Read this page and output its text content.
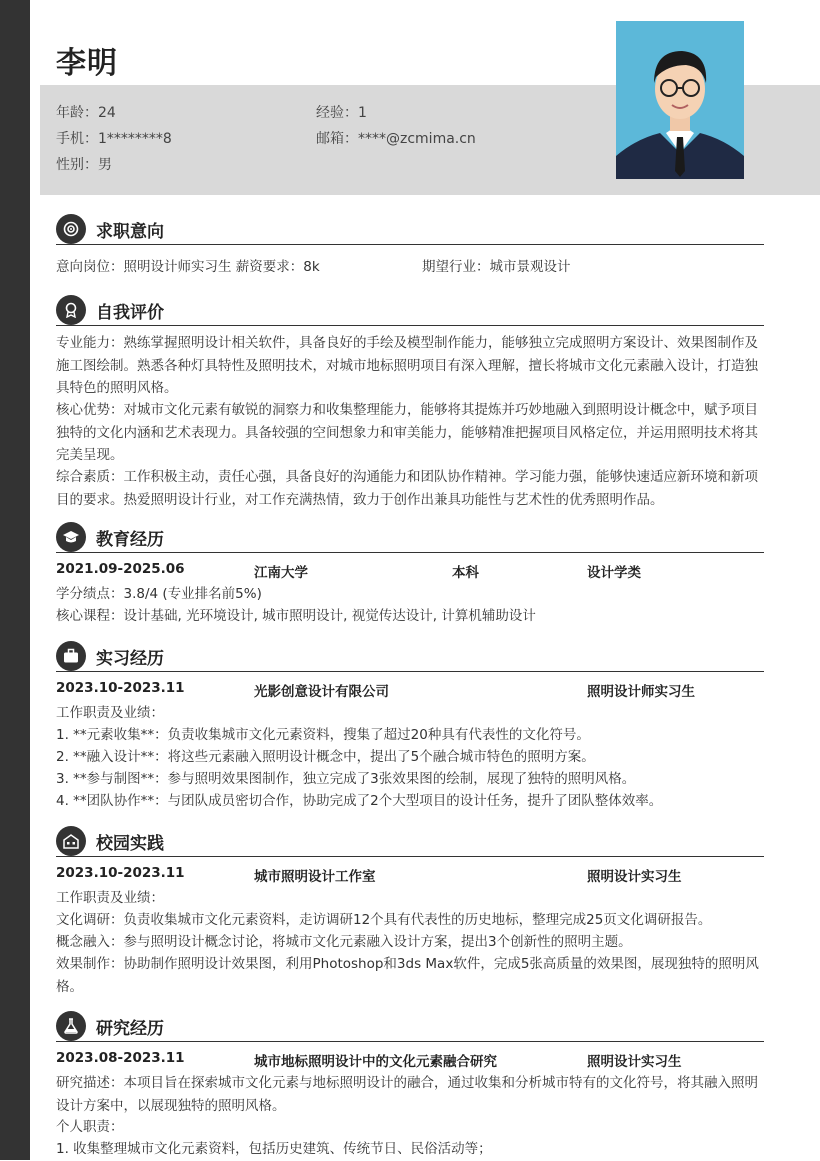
李明
年龄：24	经验：1
手机：1********8	邮箱：****@zcmima.cn
性别：男
求职意向
意向岗位：照明设计师实习生 薪资要求：8k	期望行业：城市景观设计
自我评价
专业能力：熟练掌握照明设计相关软件，具备良好的手绘及模型制作能力，能够独立完成照明方案设计、效果图制作及施工图绘制。熟悉各种灯具特性及照明技术，对城市地标照明项目有深入理解，擅长将城市文化元素融入设计，打造独具特色的照明风格。
核心优势：对城市文化元素有敏锐的洞察力和收集整理能力，能够将其提炼并巧妙地融入到照明设计概念中，赋予项目独特的文化内涵和艺术表现力。具备较强的空间想象力和审美能力，能够精准把握项目风格定位，并运用照明技术将其完美呈现。
综合素质：工作积极主动，责任心强，具备良好的沟通能力和团队协作精神。学习能力强，能够快速适应新环境和新项目的要求。热爱照明设计行业，对工作充满热情，致力于创作出兼具功能性与艺术性的优秀照明作品。
教育经历
2021.09-2025.06	江南大学	本科	设计学类
学分绩点：3.8/4 (专业排名前5%)
核心课程：设计基础, 光环境设计, 城市照明设计, 视觉传达设计, 计算机辅助设计
实习经历
2023.10-2023.11	光影创意设计有限公司	照明设计师实习生
工作职责及业绩：
1. **元素收集**：负责收集城市文化元素资料，搜集了超过20种具有代表性的文化符号。
2. **融入设计**：将这些元素融入照明设计概念中，提出了5个融合城市特色的照明方案。
3. **参与制图**：参与照明效果图制作，独立完成了3张效果图的绘制，展现了独特的照明风格。
4. **团队协作**：与团队成员密切合作，协助完成了2个大型项目的设计任务，提升了团队整体效率。
校园实践
2023.10-2023.11	城市照明设计工作室	照明设计实习生
工作职责及业绩：
文化调研：负责收集城市文化元素资料，走访调研12个具有代表性的历史地标，整理完成25页文化调研报告。
概念融入：参与照明设计概念讨论，将城市文化元素融入设计方案，提出3个创新性的照明主题。
效果制作：协助制作照明设计效果图，利用Photoshop和3ds Max软件，完成5张高质量的效果图，展现独特的照明风格。
研究经历
2023.08-2023.11	城市地标照明设计中的文化元素融合研究	照明设计实习生
研究描述：本项目旨在探索城市文化元素与地标照明设计的融合，通过收集和分析城市特有的文化符号，将其融入照明设计方案中，以展现独特的照明风格。
个人职责：
1. 收集整理城市文化元素资料，包括历史建筑、传统节日、民俗活动等；
